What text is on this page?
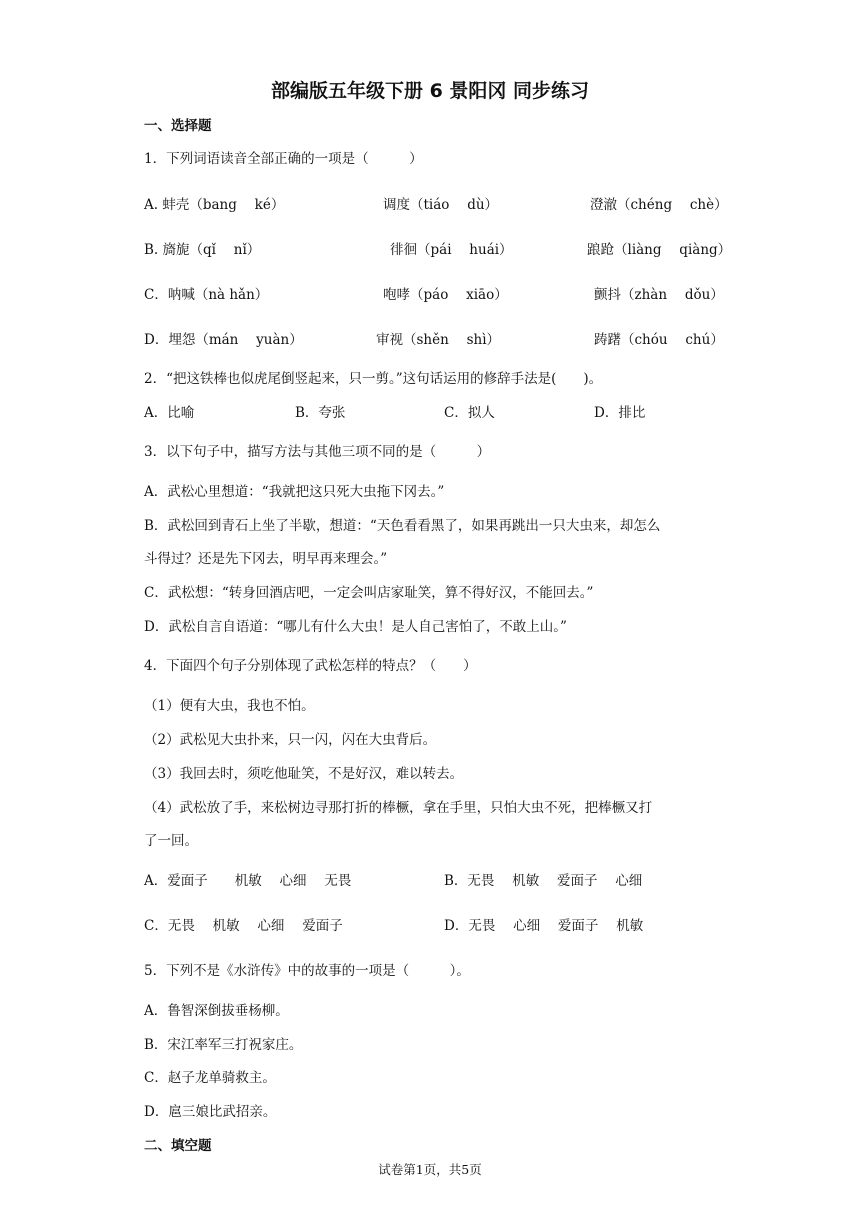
部编版五年级下册 6 景阳冈 同步练习
一、选择题
1．下列词语读音全部正确的一项是（　　　）
A. 蚌壳（bang　 ké）	调度（tiáo　 dù）	澄澈（chéng　 chè）
B. 旖旎（qǐ　 nǐ）	徘徊（pái　 huái）	踉跄（liàng　 qiàng）
C．呐喊（nà hǎn）	咆哮（páo　 xiāo）	颤抖（zhàn　 dǒu）
D．埋怨（mán　 yuàn）	审视（shěn　 shì）	踌躇（chóu　 chú）
2．“把这铁棒也似虎尾倒竖起来，只一剪。”这句话运用的修辞手法是(　　)。
A．比喻	B．夸张	C．拟人	D．排比
3．以下句子中，描写方法与其他三项不同的是（　　　）
A．武松心里想道：“我就把这只死大虫拖下冈去。”
B．武松回到青石上坐了半歇，想道：“天色看看黑了，如果再跳出一只大虫来，却怎么
斗得过？还是先下冈去，明早再来理会。”
C．武松想：“转身回酒店吧，一定会叫店家耻笑，算不得好汉，不能回去。”
D．武松自言自语道：“哪儿有什么大虫！是人自己害怕了，不敢上山。”
4．下面四个句子分别体现了武松怎样的特点？（　　）
（1）便有大虫，我也不怕。
（2）武松见大虫扑来，只一闪，闪在大虫背后。
（3）我回去时，须吃他耻笑，不是好汉，难以转去。
（4）武松放了手，来松树边寻那打折的棒橛，拿在手里，只怕大虫不死，把棒橛又打
了一回。
A．爱面子　　机敏　 心细　 无畏	B．无畏　 机敏　 爱面子　 心细
C．无畏　 机敏　 心细　 爱面子	D．无畏　 心细　 爱面子　 机敏
5．下列不是《水浒传》中的故事的一项是（　　　）。
A．鲁智深倒拔垂杨柳。
B．宋江率军三打祝家庄。
C．赵子龙单骑救主。
D．扈三娘比武招亲。
二、填空题
试卷第1页，共5页
